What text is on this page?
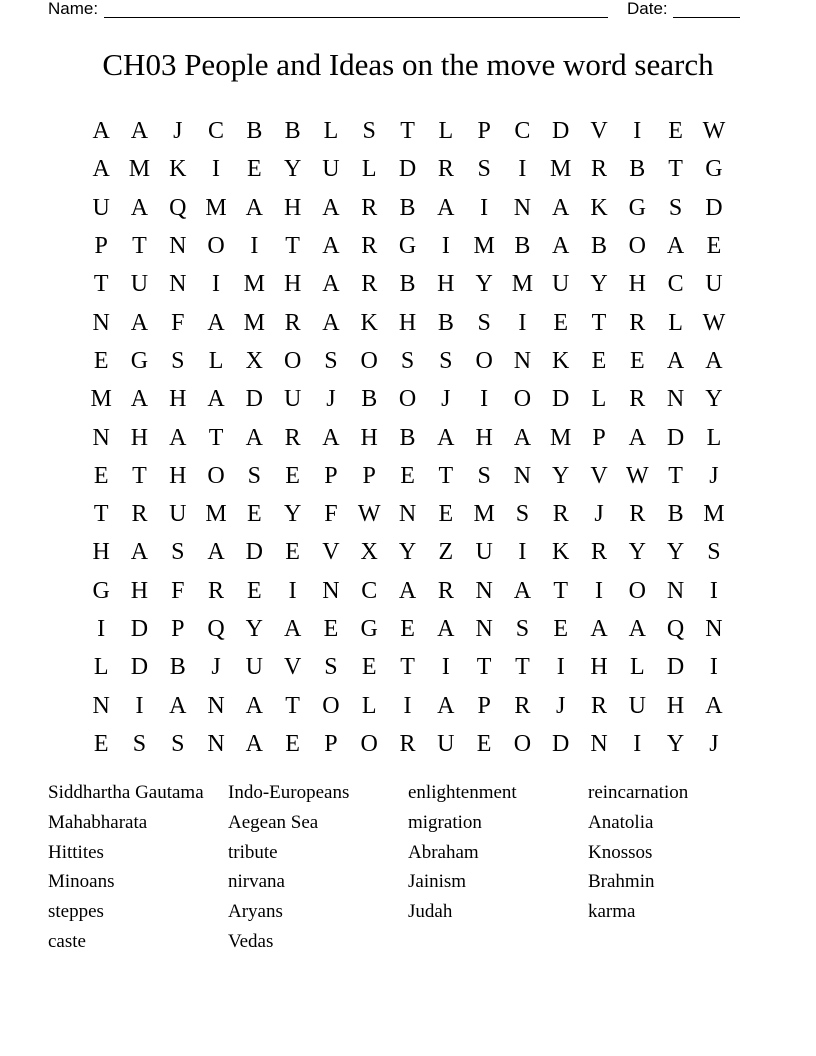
Name:	Date:
CH03 People and Ideas on the move word search
A A	J	C B B L	S	T L	P C D V	I	E W
A M K	I	E Y U L D R S	I M R B T G
U A Q M A H A R B A	I	N A K G S D
P	T N O	I	T A R G	I M B A B O A E
T U N	I M H A R B H Y M U Y H C U
N A F A M R A K H B S	I	E T R L W
E G S	L X O S O S	S O N K E E A A
M A H A D U	J	B O	J	I	O D L R N Y
N H A T A R A H B A H A M P A D L
E T H O S	E	P	P	E T	S N Y V W T	J
T R U M E Y F W N E M S R	J	R B M
H A S A D E V X Y Z U	I	K R Y Y S
G H F R E	I	N C A R N A T	I	O N	I
I	D P Q Y A E G E A N S	E A A Q N
L D B	J	U V S	E T	I	T T	I	H L D	I
N	I	A N A T O L	I	A P R	J	R U H A
E	S	S N A E	P O R U E O D N	I	Y	J
Siddhartha Gautama	Indo-Europeans	enlightenment	reincarnation
Mahabharata	Aegean Sea	migration	Anatolia
Hittites	tribute	Abraham	Knossos
Minoans	nirvana	Jainism	Brahmin
steppes	Aryans	Judah	karma
caste	Vedas
